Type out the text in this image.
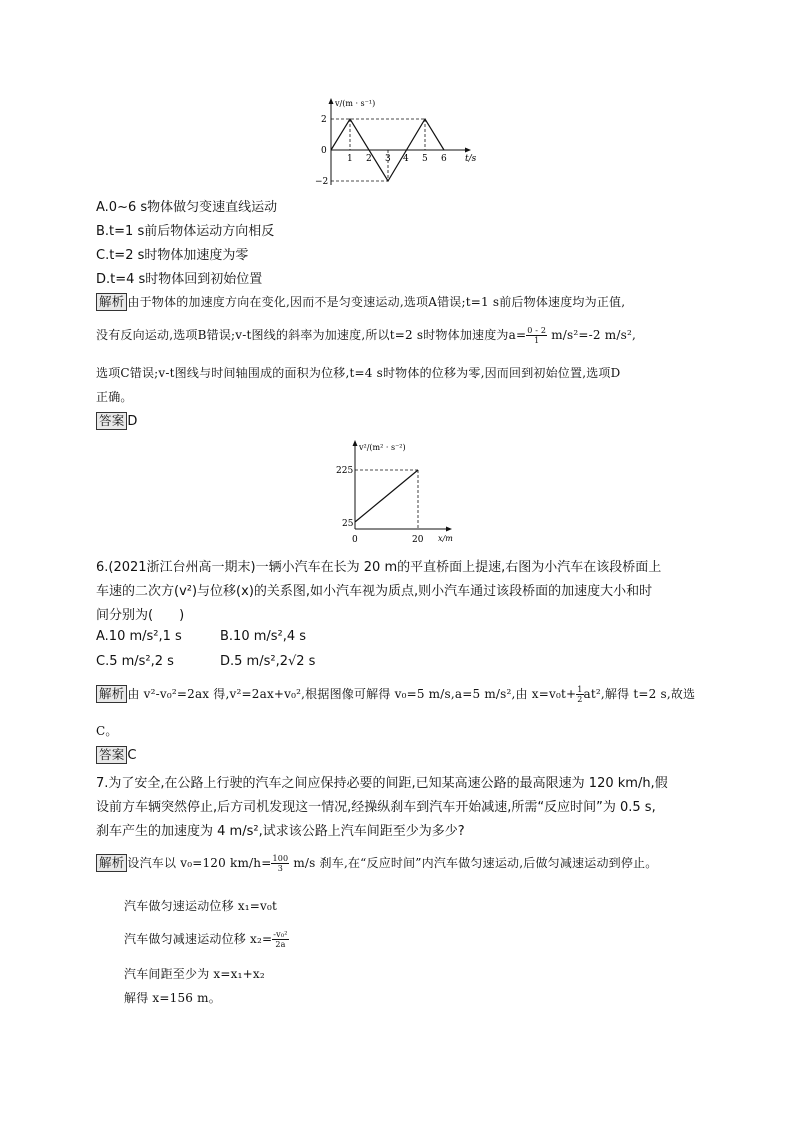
v/(m · s⁻¹)
2
0
−2
1 2 3 4 5 6 t/s
A.0~6 s物体做匀变速直线运动
B.t=1 s前后物体运动方向相反
C.t=2 s时物体加速度为零
D.t=4 s时物体回到初始位置
解析 由于物体的加速度方向在变化,因而不是匀变速运动,选项A错误;t=1 s前后物体速度均为正值,
没有反向运动,选项B错误;v-t图线的斜率为加速度,所以t=2 s时物体加速度为$a= \frac{0 - 2}{1} m/s^2=-2$ m/s²,
选项C错误;v-t图线与时间轴围成的面积为位移,t=4 s时物体的位移为零,因而回到初始位置,选项D
正确。
答案 D
v²/(m² · s⁻²)
225
25
0	20 x/m
6.(2021浙江台州高一期末)一辆小汽车在长为 20 m的平直桥面上提速,右图为小汽车在该段桥面上
车速的二次方(v²)与位移(x)的关系图,如小汽车视为质点,则小汽车通过该段桥面的加速度大小和时
间分别为(　　)
A.10 m/s²,1 s	B.10 m/s²,4 s
C.5 m/s²,2 s	D.5 m/s²,2√2 s
解析 由 v²-v₀²=2ax 得,v²=2ax+v₀²,根据图像可解得 v₀=5 m/s,a=5 m/s²,由 $x=v_0t+ \frac{1}{2} at^2$,解得 t=2 s,故选
C。
答案 C
7.为了安全,在公路上行驶的汽车之间应保持必要的间距,已知某高速公路的最高限速为 120 km/h,假
设前方车辆突然停止,后方司机发现这一情况,经操纵刹车到汽车开始减速,所需“反应时间”为 0.5 s,
刹车产生的加速度为 4 m/s²,试求该公路上汽车间距至少为多少?
解析 设汽车以 v₀=120 $km/h= \frac{100}{3} m/s$ 刹车,在“反应时间”内汽车做匀速运动,后做匀减速运动到停止。
汽车做匀速运动位移 x₁=v₀t
汽车做匀减速运动位移 $x_2= \frac{\text{-v₀²}}{2a}$
汽车间距至少为 x=x₁+x₂
解得 x=156 m。
